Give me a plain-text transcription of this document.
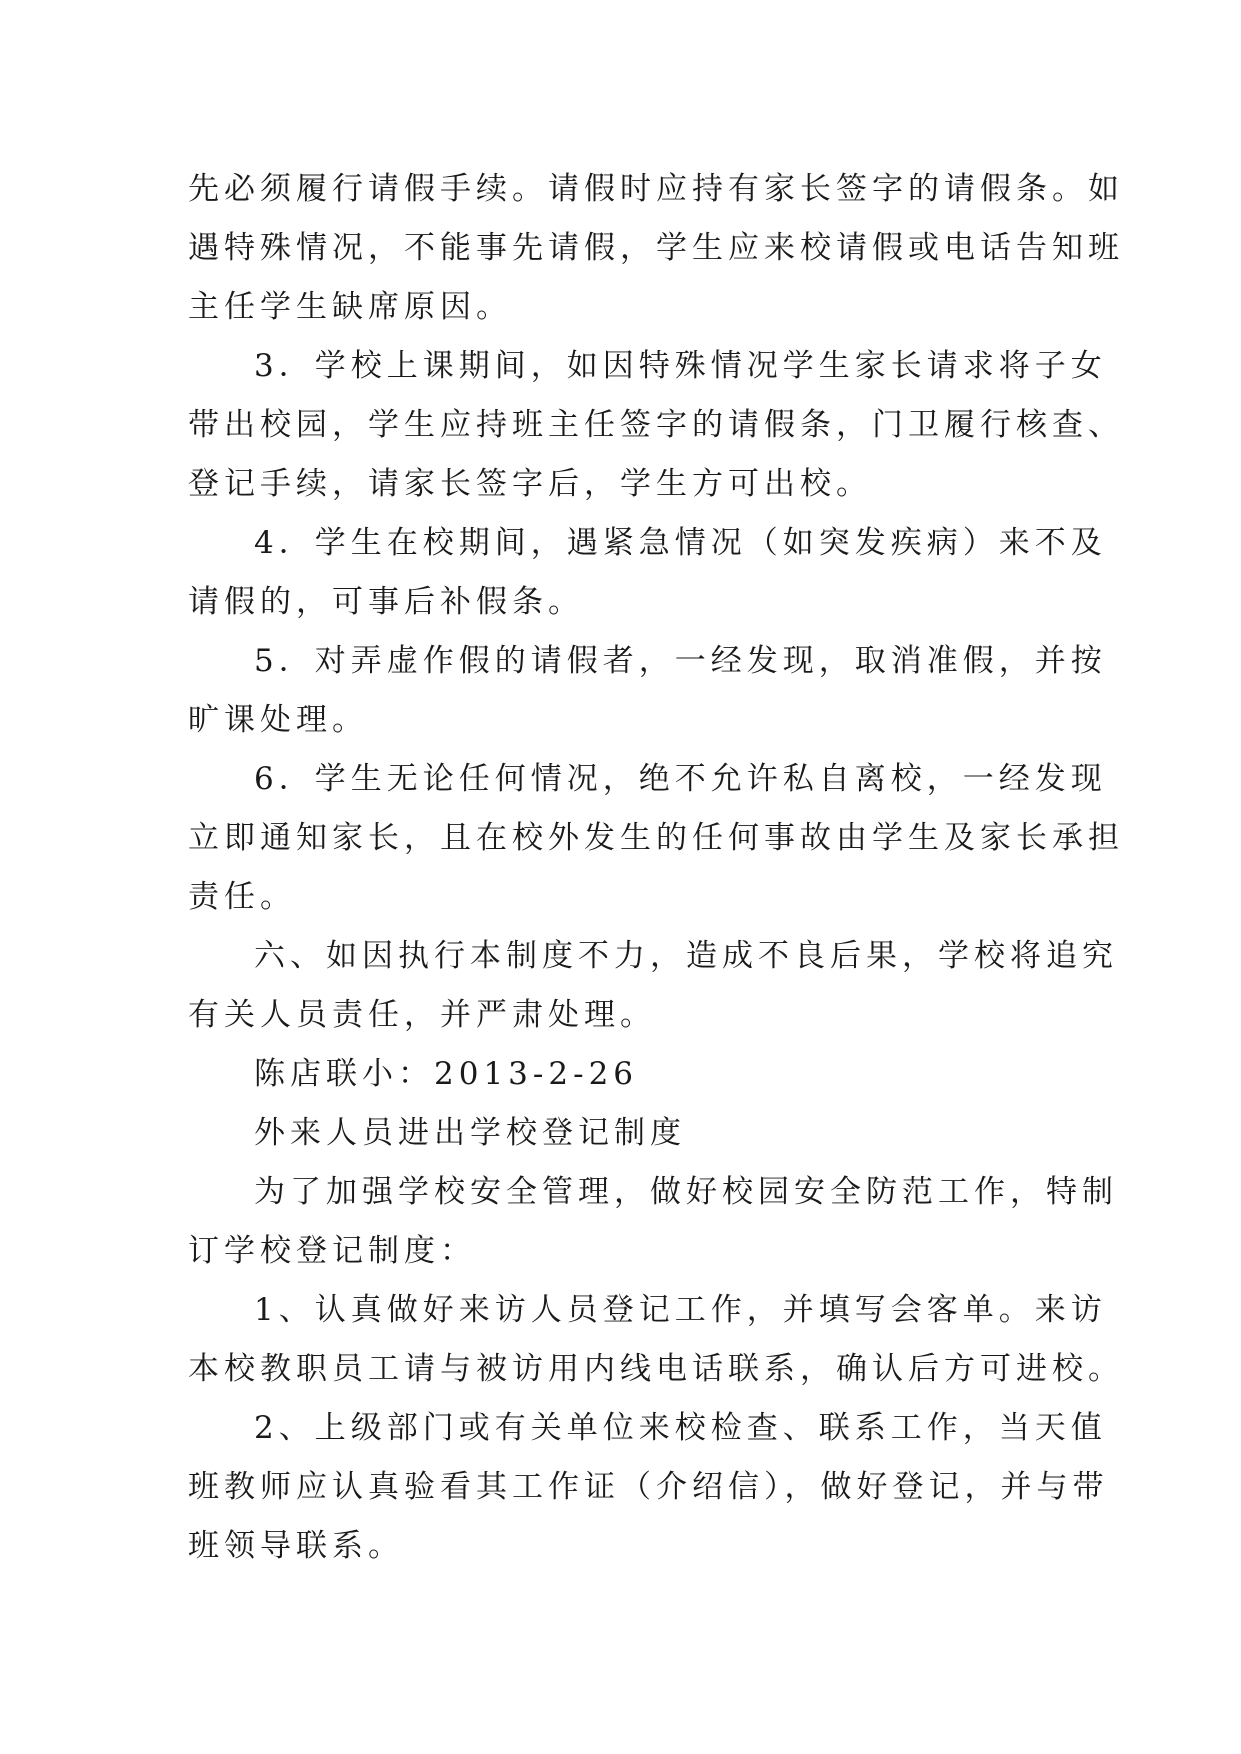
先必须履行请假手续。请假时应持有家长签字的请假条。如
遇特殊情况，不能事先请假，学生应来校请假或电话告知班
主任学生缺席原因。

3．学校上课期间，如因特殊情况学生家长请求将子女
带出校园，学生应持班主任签字的请假条，门卫履行核查、
登记手续，请家长签字后，学生方可出校。

4．学生在校期间，遇紧急情况（如突发疾病）来不及
请假的，可事后补假条。

5．对弄虚作假的请假者，一经发现，取消准假，并按
旷课处理。

6．学生无论任何情况，绝不允许私自离校，一经发现
立即通知家长，且在校外发生的任何事故由学生及家长承担
责任。

六、如因执行本制度不力，造成不良后果，学校将追究
有关人员责任，并严肃处理。

陈店联小：2013-2-26

外来人员进出学校登记制度

为了加强学校安全管理，做好校园安全防范工作，特制
订学校登记制度：

1、认真做好来访人员登记工作，并填写会客单。来访
本校教职员工请与被访用内线电话联系，确认后方可进校。

2、上级部门或有关单位来校检查、联系工作，当天值
班教师应认真验看其工作证（介绍信），做好登记，并与带
班领导联系。
